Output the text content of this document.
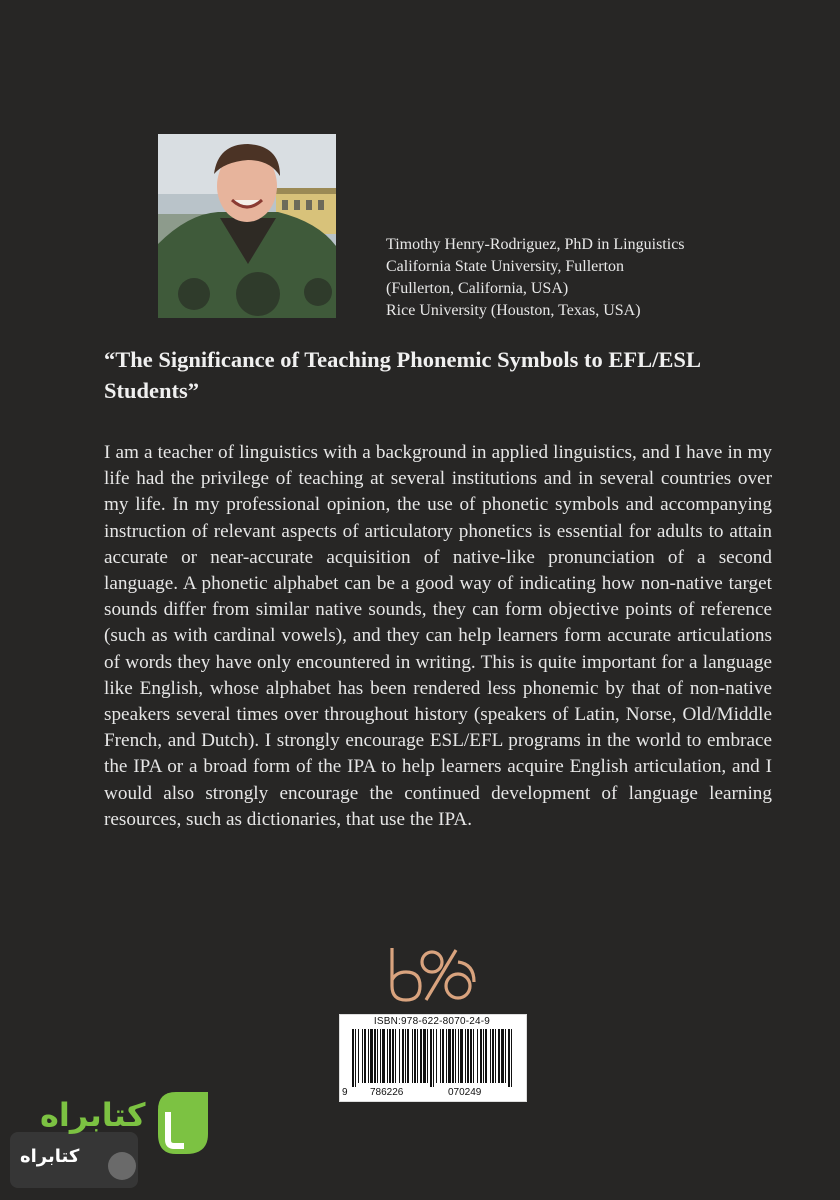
Timothy Henry-Rodriguez, PhD in Linguistics
California State University, Fullerton
(Fullerton, California, USA)
Rice University (Houston, Texas, USA)
“The Significance of Teaching Phonemic Symbols to EFL/ESL Students”
I am a teacher of linguistics with a background in applied linguistics, and I have in my life had the privilege of teaching at several institutions and in several countries over my life. In my professional opinion, the use of phonetic symbols and accompanying instruction of relevant aspects of articulatory phonetics is essential for adults to attain accurate or near-accurate acquisition of native-like pronunciation of a second language. A phonetic alphabet can be a good way of indicating how non-native target sounds differ from similar native sounds, they can form objective points of reference (such as with cardinal vowels), and they can help learners form accurate articulations of words they have only encountered in writing. This is quite important for a language like English, whose alphabet has been rendered less phonemic by that of non-native speakers several times over throughout history (speakers of Latin, Norse, Old/Middle French, and Dutch). I strongly encourage ESL/EFL programs in the world to embrace the IPA or a broad form of the IPA to help learners acquire English articulation, and I would also strongly encourage the continued development of language learning resources, such as dictionaries, that use the IPA.
ISBN:978-622-8070-24-9
9 786226	070249
کتابراه
کتابراه
